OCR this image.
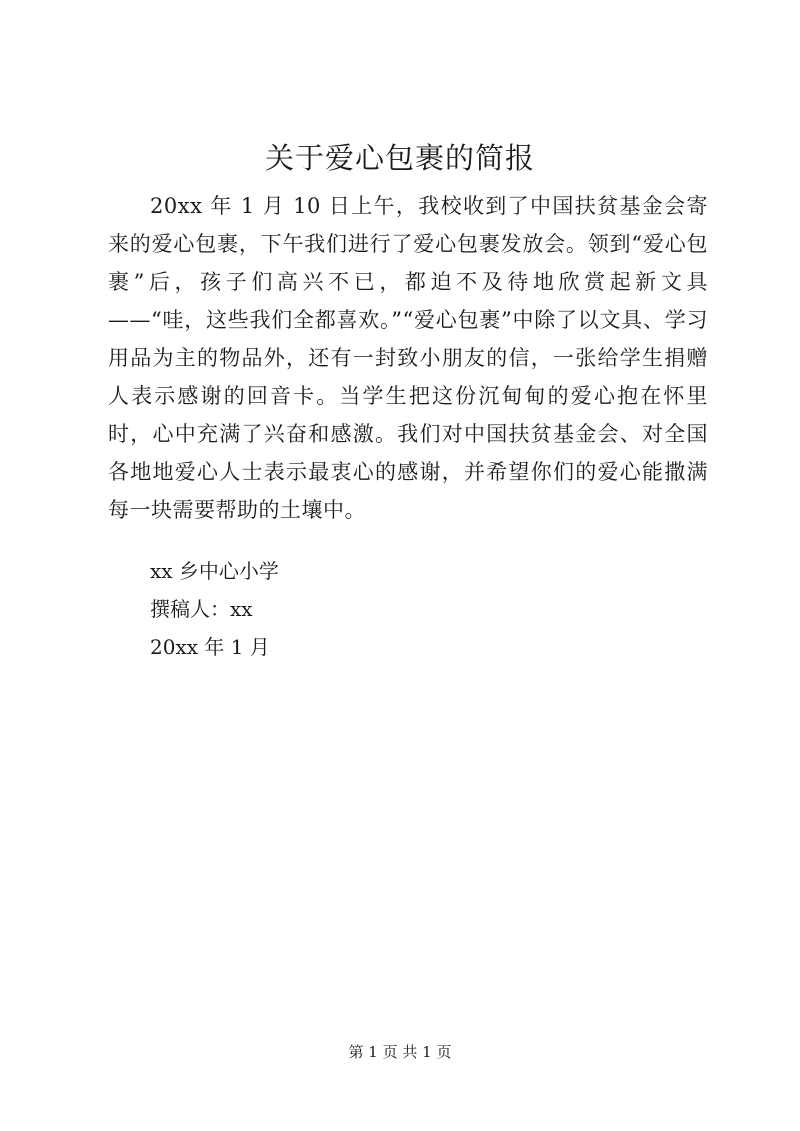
关于爱心包裹的简报

20xx 年 1 月 10 日上午，我校收到了中国扶贫基金会寄来的爱心包裹，下午我们进行了爱心包裹发放会。领到“爱心包裹”后，孩子们高兴不已，都迫不及待地欣赏起新文具——“哇，这些我们全都喜欢。”“爱心包裹”中除了以文具、学习用品为主的物品外，还有一封致小朋友的信，一张给学生捐赠人表示感谢的回音卡。当学生把这份沉甸甸的爱心抱在怀里时，心中充满了兴奋和感激。我们对中国扶贫基金会、对全国各地地爱心人士表示最衷心的感谢，并希望你们的爱心能撒满每一块需要帮助的土壤中。

xx 乡中心小学

撰稿人：xx

20xx 年 1 月

第 1 页 共 1 页
